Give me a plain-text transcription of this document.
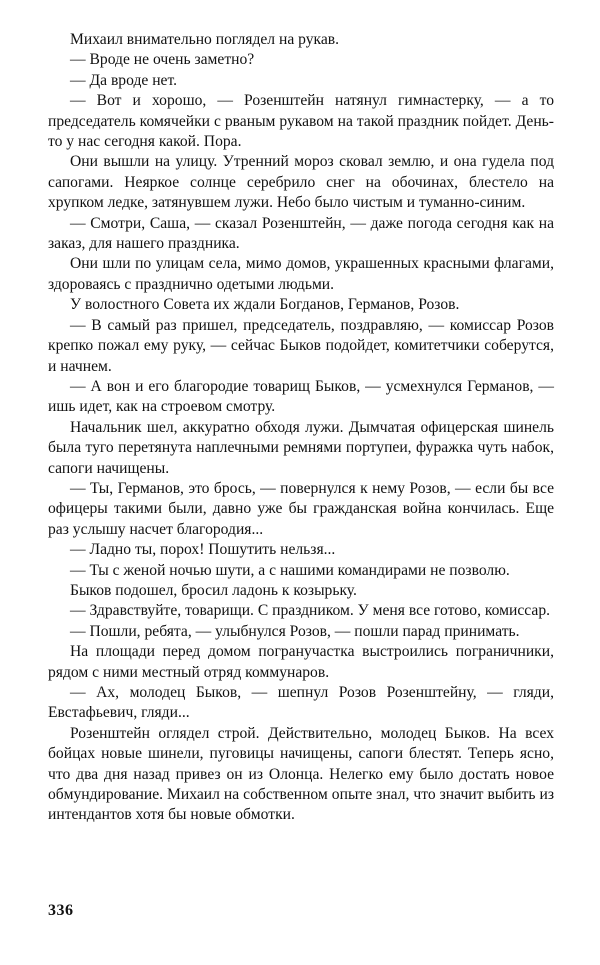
Михаил внимательно поглядел на рукав.

— Вроде не очень заметно?

— Да вроде нет.

— Вот и хорошо, — Розенштейн натянул гимнастерку, — а то председатель комячейки с рваным рукавом на такой праздник пойдет. День-то у нас сегодня какой. Пора.

Они вышли на улицу. Утренний мороз сковал землю, и она гудела под сапогами. Неяркое солнце серебрило снег на обочинах, блестело на хрупком ледке, затянувшем лужи. Небо было чистым и туманно-синим.

— Смотри, Саша, — сказал Розенштейн, — даже погода сегодня как на заказ, для нашего праздника.

Они шли по улицам села, мимо домов, украшенных красными флагами, здороваясь с празднично одетыми людьми.

У волостного Совета их ждали Богданов, Германов, Розов.

— В самый раз пришел, председатель, поздравляю, — комиссар Розов крепко пожал ему руку, — сейчас Быков подойдет, комитетчики соберутся, и начнем.

— А вон и его благородие товарищ Быков, — усмехнулся Германов, — ишь идет, как на строевом смотру.

Начальник шел, аккуратно обходя лужи. Дымчатая офицерская шинель была туго перетянута наплечными ремнями портупеи, фуражка чуть набок, сапоги начищены.

— Ты, Германов, это брось, — повернулся к нему Розов, — если бы все офицеры такими были, давно уже бы гражданская война кончилась. Еще раз услышу насчет благородия...

— Ладно ты, порох! Пошутить нельзя...

— Ты с женой ночью шути, а с нашими командирами не позволю.

Быков подошел, бросил ладонь к козырьку.

— Здравствуйте, товарищи. С праздником. У меня все готово, комиссар.

— Пошли, ребята, — улыбнулся Розов, — пошли парад принимать.

На площади перед домом погранучастка выстроились пограничники, рядом с ними местный отряд коммунаров.

— Ах, молодец Быков, — шепнул Розов Розенштейну, — гляди, Евстафьевич, гляди...

Розенштейн оглядел строй. Действительно, молодец Быков. На всех бойцах новые шинели, пуговицы начищены, сапоги блестят. Теперь ясно, что два дня назад привез он из Олонца. Нелегко ему было достать новое обмундирование. Михаил на собственном опыте знал, что значит выбить из интендантов хотя бы новые обмотки.

336
